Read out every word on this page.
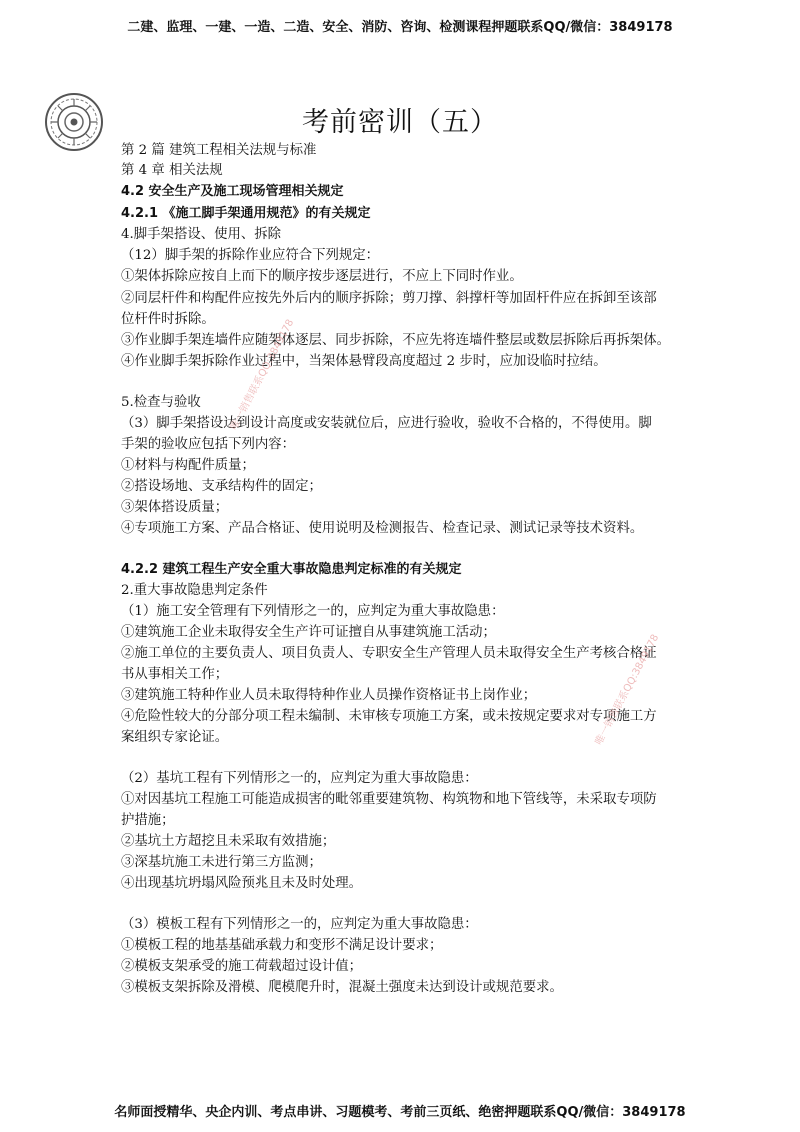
二建、监理、一建、一造、二造、安全、消防、咨询、检测课程押题联系QQ/微信：3849178
考前密训（五）
第 2 篇 建筑工程相关法规与标准
第 4 章 相关法规
4.2 安全生产及施工现场管理相关规定
4.2.1 《施工脚手架通用规范》的有关规定
4.脚手架搭设、使用、拆除
（12）脚手架的拆除作业应符合下列规定：
①架体拆除应按自上而下的顺序按步逐层进行，不应上下同时作业。
②同层杆件和构配件应按先外后内的顺序拆除；剪刀撑、斜撑杆等加固杆件应在拆卸至该部
位杆件时拆除。
③作业脚手架连墙件应随架体逐层、同步拆除，不应先将连墙件整层或数层拆除后再拆架体。
④作业脚手架拆除作业过程中，当架体悬臂段高度超过 2 步时，应加设临时拉结。
5.检查与验收
（3）脚手架搭设达到设计高度或安装就位后，应进行验收，验收不合格的，不得使用。脚
手架的验收应包括下列内容：
①材料与构配件质量；
②搭设场地、支承结构件的固定；
③架体搭设质量；
④专项施工方案、产品合格证、使用说明及检测报告、检查记录、测试记录等技术资料。
4.2.2 建筑工程生产安全重大事故隐患判定标准的有关规定
2.重大事故隐患判定条件
（1）施工安全管理有下列情形之一的，应判定为重大事故隐患：
①建筑施工企业未取得安全生产许可证擅自从事建筑施工活动；
②施工单位的主要负责人、项目负责人、专职安全生产管理人员未取得安全生产考核合格证
书从事相关工作；
③建筑施工特种作业人员未取得特种作业人员操作资格证书上岗作业；
④危险性较大的分部分项工程未编制、未审核专项施工方案，或未按规定要求对专项施工方
案组织专家论证。
（2）基坑工程有下列情形之一的，应判定为重大事故隐患：
①对因基坑工程施工可能造成损害的毗邻重要建筑物、构筑物和地下管线等，未采取专项防
护措施；
②基坑土方超挖且未采取有效措施；
③深基坑施工未进行第三方监测；
④出现基坑坍塌风险预兆且未及时处理。
（3）模板工程有下列情形之一的，应判定为重大事故隐患：
①模板工程的地基基础承载力和变形不满足设计要求；
②模板支架承受的施工荷载超过设计值；
③模板支架拆除及滑模、爬模爬升时，混凝土强度未达到设计或规范要求。
唯一销售联系QQ:3849178
唯一销售联系QQ:3849178
名师面授精华、央企内训、考点串讲、习题模考、考前三页纸、绝密押题联系QQ/微信：3849178
